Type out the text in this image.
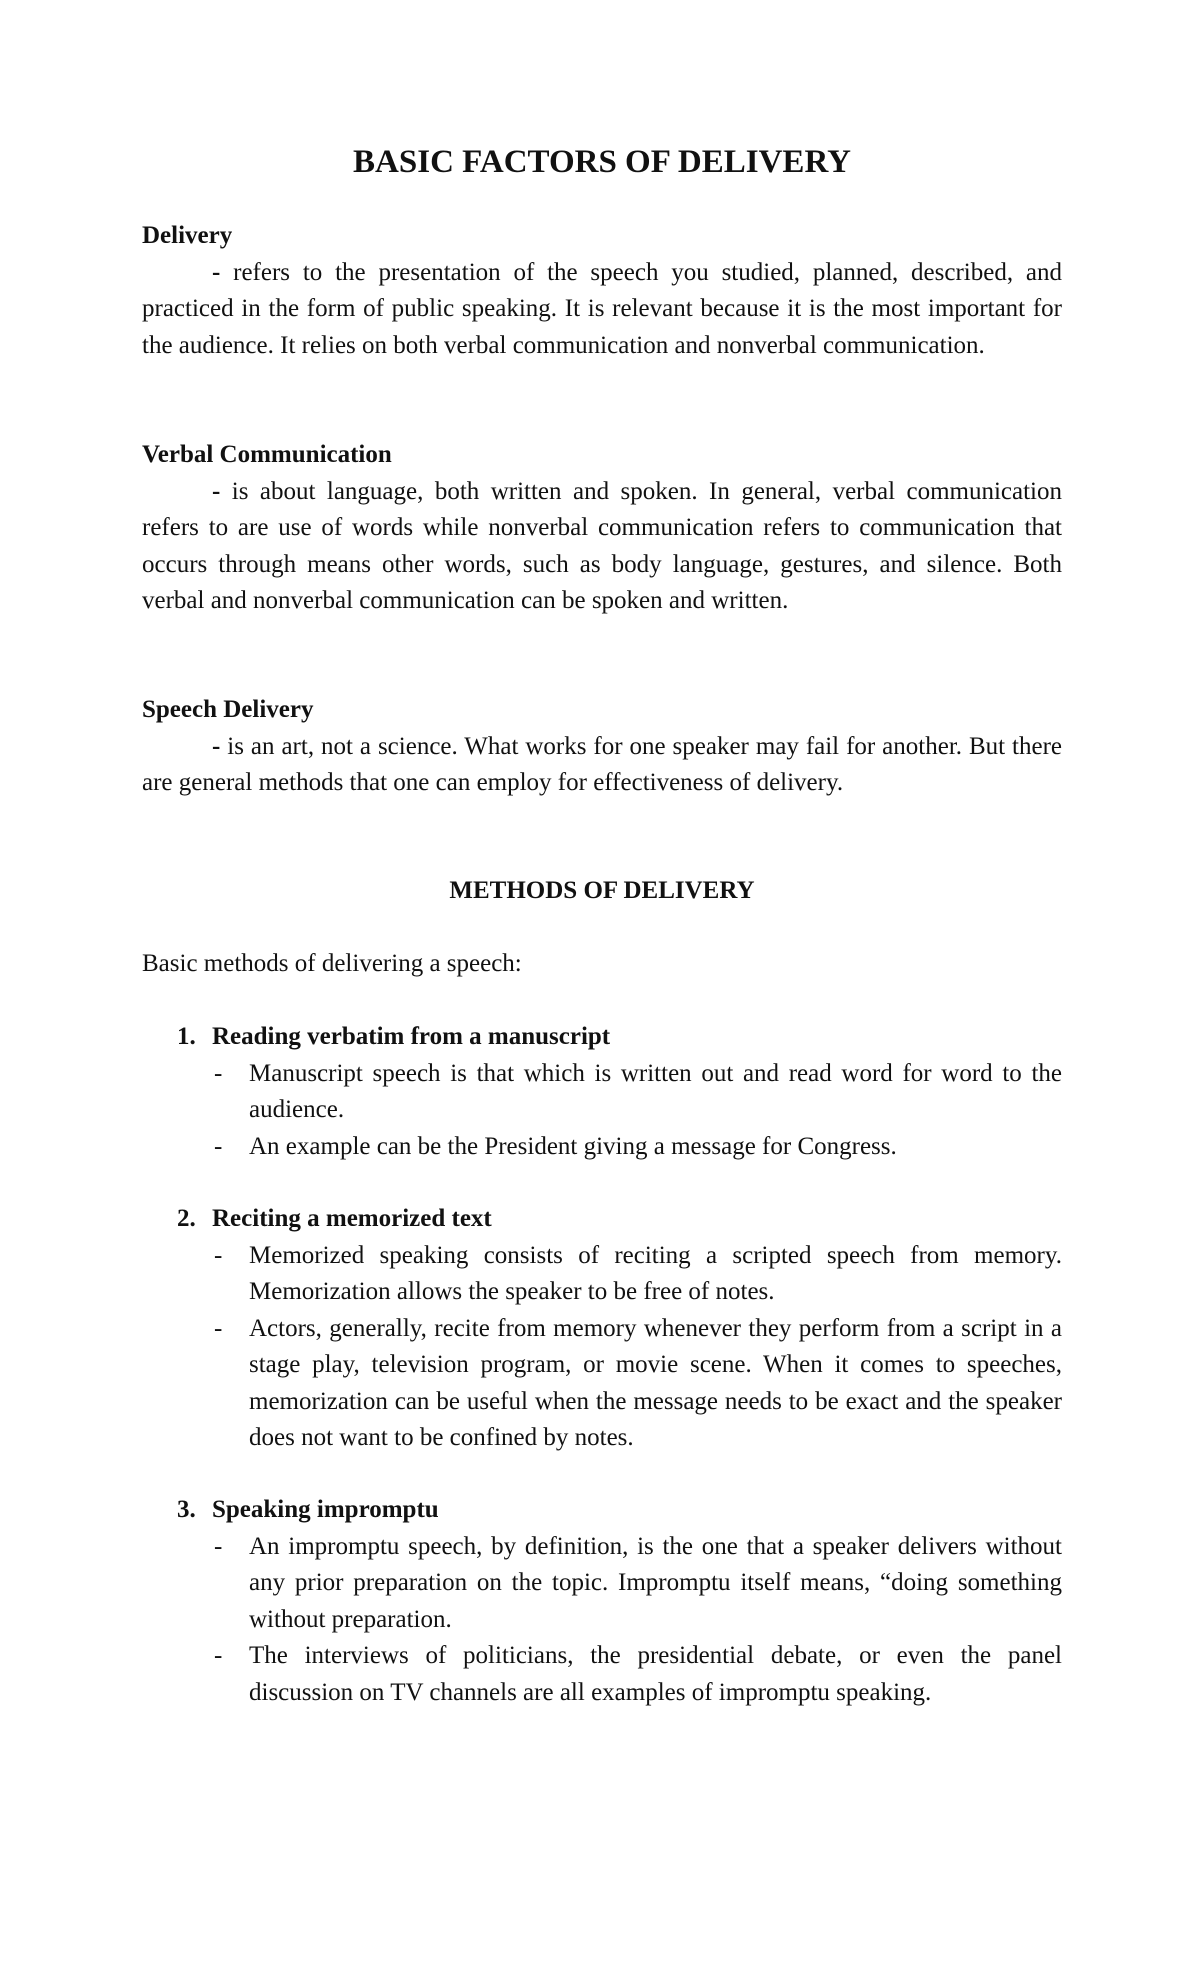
BASIC FACTORS OF DELIVERY

Delivery

- refers to the presentation of the speech you studied, planned, described, and practiced in the form of public speaking. It is relevant because it is the most important for the audience. It relies on both verbal communication and nonverbal communication.

Verbal Communication

- is about language, both written and spoken. In general, verbal communication refers to are use of words while nonverbal communication refers to communication that occurs through means other words, such as body language, gestures, and silence. Both verbal and nonverbal communication can be spoken and written.

Speech Delivery

- is an art, not a science. What works for one speaker may fail for another. But there are general methods that one can employ for effectiveness of delivery.

METHODS OF DELIVERY

Basic methods of delivering a speech:

1. Reading verbatim from a manuscript

- Manuscript speech is that which is written out and read word for word to the audience.

- An example can be the President giving a message for Congress.

2. Reciting a memorized text

- Memorized speaking consists of reciting a scripted speech from memory. Memorization allows the speaker to be free of notes.

- Actors, generally, recite from memory whenever they perform from a script in a stage play, television program, or movie scene. When it comes to speeches, memorization can be useful when the message needs to be exact and the speaker does not want to be confined by notes.

3. Speaking impromptu

- An impromptu speech, by definition, is the one that a speaker delivers without any prior preparation on the topic. Impromptu itself means, “doing something without preparation.

- The interviews of politicians, the presidential debate, or even the panel discussion on TV channels are all examples of impromptu speaking.
